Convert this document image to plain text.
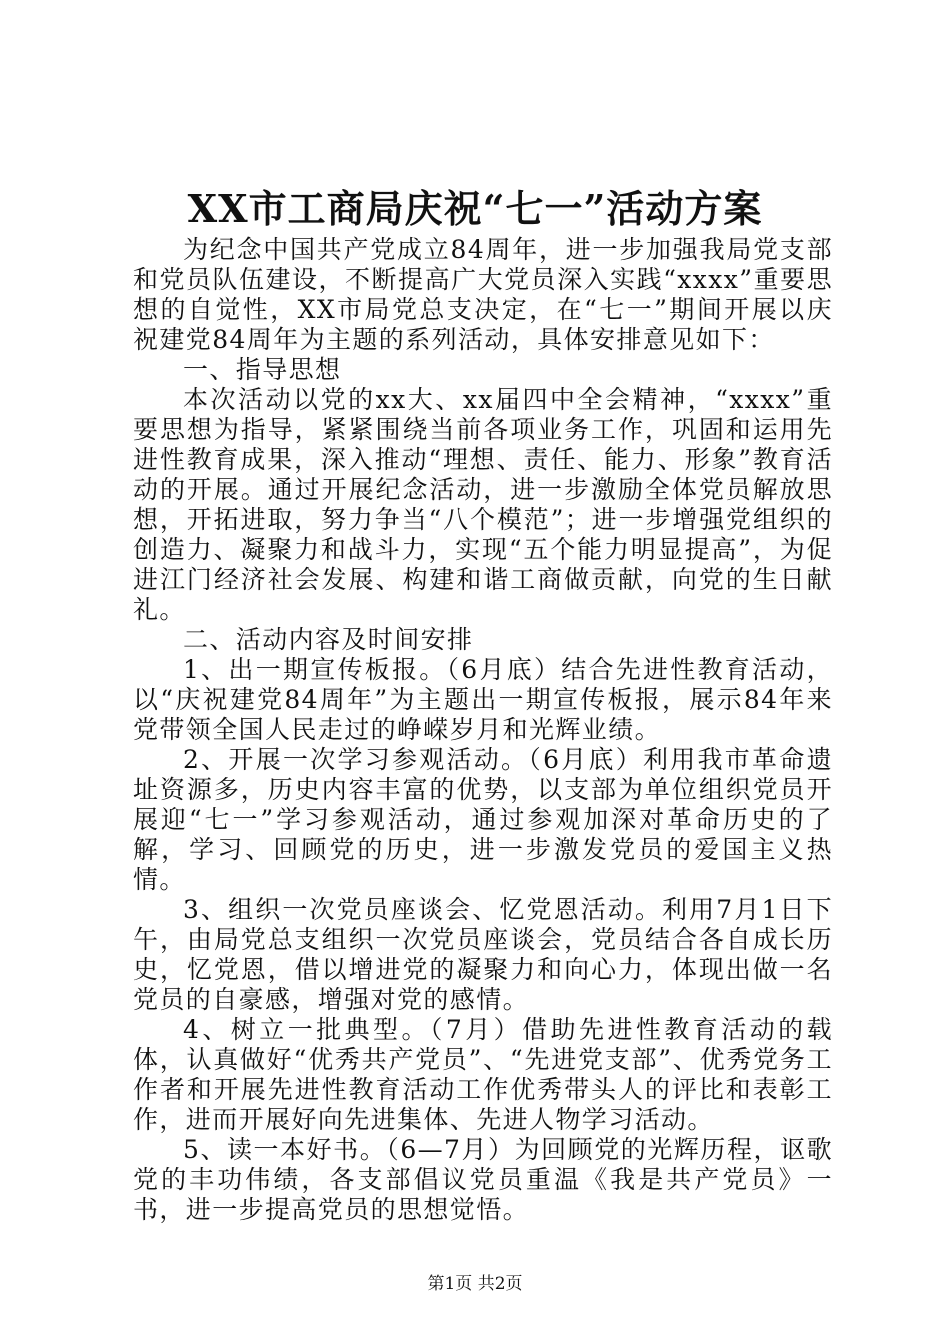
XX市工商局庆祝“七一”活动方案

为纪念中国共产党成立84周年，进一步加强我局党支部和党员队伍建设，不断提高广大党员深入实践“xxxx”重要思想的自觉性，XX市局党总支决定，在“七一”期间开展以庆祝建党84周年为主题的系列活动，具体安排意见如下：

一、指导思想

本次活动以党的xx大、xx届四中全会精神，“xxxx”重要思想为指导，紧紧围绕当前各项业务工作，巩固和运用先进性教育成果，深入推动“理想、责任、能力、形象”教育活动的开展。通过开展纪念活动，进一步激励全体党员解放思想，开拓进取，努力争当“八个模范”；进一步增强党组织的创造力、凝聚力和战斗力，实现“五个能力明显提高”，为促进江门经济社会发展、构建和谐工商做贡献，向党的生日献礼。

二、活动内容及时间安排

1、出一期宣传板报。（6月底）结合先进性教育活动，以“庆祝建党84周年”为主题出一期宣传板报，展示84年来党带领全国人民走过的峥嵘岁月和光辉业绩。

2、开展一次学习参观活动。（6月底）利用我市革命遗址资源多，历史内容丰富的优势，以支部为单位组织党员开展迎“七一”学习参观活动，通过参观加深对革命历史的了解，学习、回顾党的历史，进一步激发党员的爱国主义热情。

3、组织一次党员座谈会、忆党恩活动。利用7月1日下午，由局党总支组织一次党员座谈会，党员结合各自成长历史，忆党恩，借以增进党的凝聚力和向心力，体现出做一名党员的自豪感，增强对党的感情。

4、树立一批典型。（7月）借助先进性教育活动的载体，认真做好“优秀共产党员”、“先进党支部”、优秀党务工作者和开展先进性教育活动工作优秀带头人的评比和表彰工作，进而开展好向先进集体、先进人物学习活动。

5、读一本好书。（6—7月）为回顾党的光辉历程，讴歌党的丰功伟绩，各支部倡议党员重温《我是共产党员》一书，进一步提高党员的思想觉悟。

第1页 共2页
